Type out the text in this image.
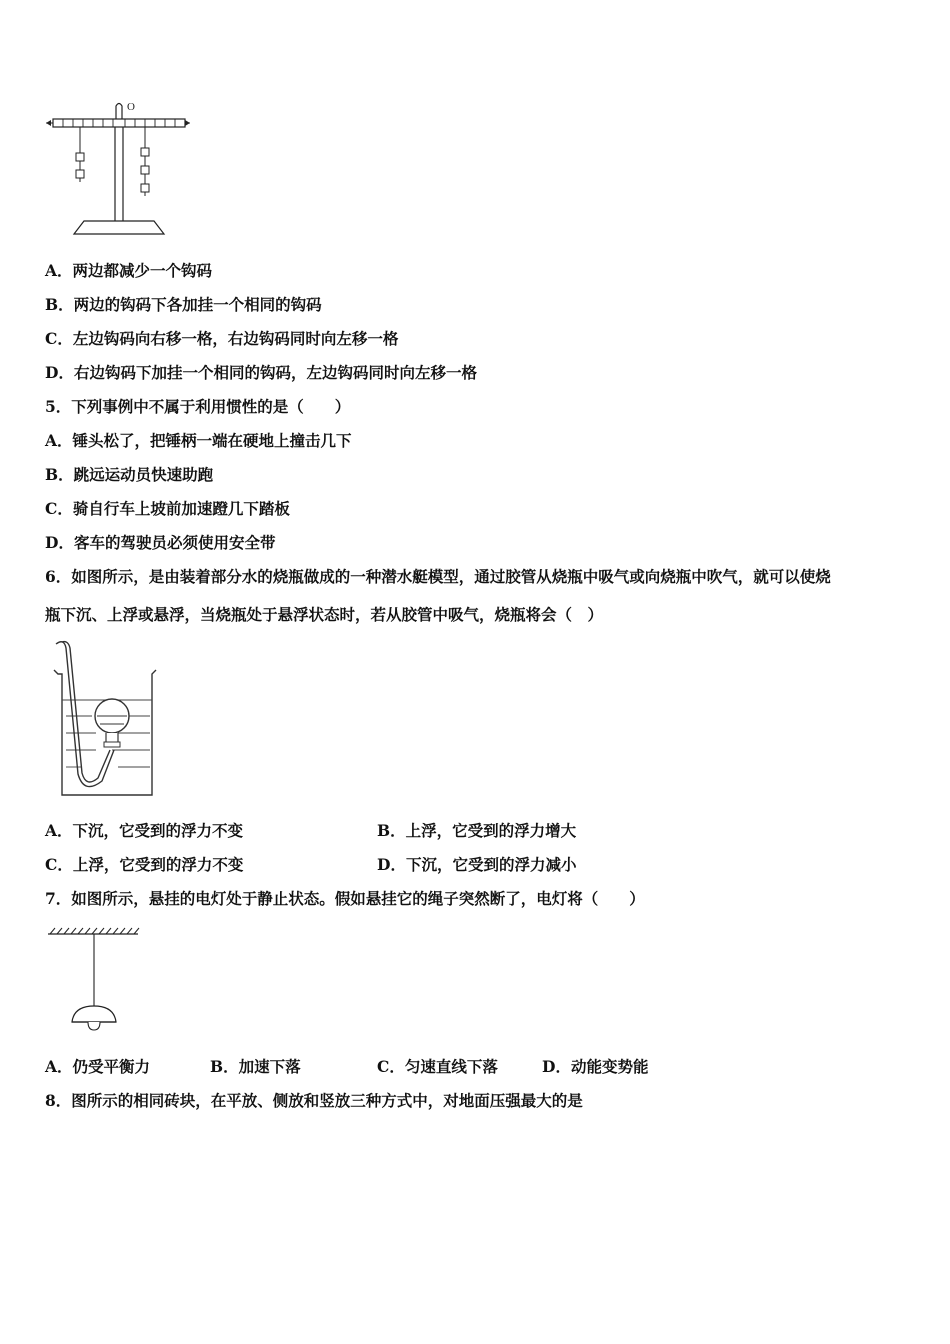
O
A．两边都减少一个钩码
B．两边的钩码下各加挂一个相同的钩码
C．左边钩码向右移一格，右边钩码同时向左移一格
D．右边钩码下加挂一个相同的钩码，左边钩码同时向左移一格
5．下列事例中不属于利用惯性的是（　　）
A．锤头松了，把锤柄一端在硬地上撞击几下
B．跳远运动员快速助跑
C．骑自行车上坡前加速蹬几下踏板
D．客车的驾驶员必须使用安全带
6．如图所示，是由装着部分水的烧瓶做成的一种潜水艇模型，通过胶管从烧瓶中吸气或向烧瓶中吹气，就可以使烧
瓶下沉、上浮或悬浮，当烧瓶处于悬浮状态时，若从胶管中吸气，烧瓶将会（　）
A．下沉，它受到的浮力不变	B．上浮，它受到的浮力增大
C．上浮，它受到的浮力不变	D．下沉，它受到的浮力减小
7．如图所示，悬挂的电灯处于静止状态。假如悬挂它的绳子突然断了，电灯将（　　）
A．仍受平衡力	B．加速下落	C．匀速直线下落	D．动能变势能
8．图所示的相同砖块，在平放、侧放和竖放三种方式中，对地面压强最大的是
